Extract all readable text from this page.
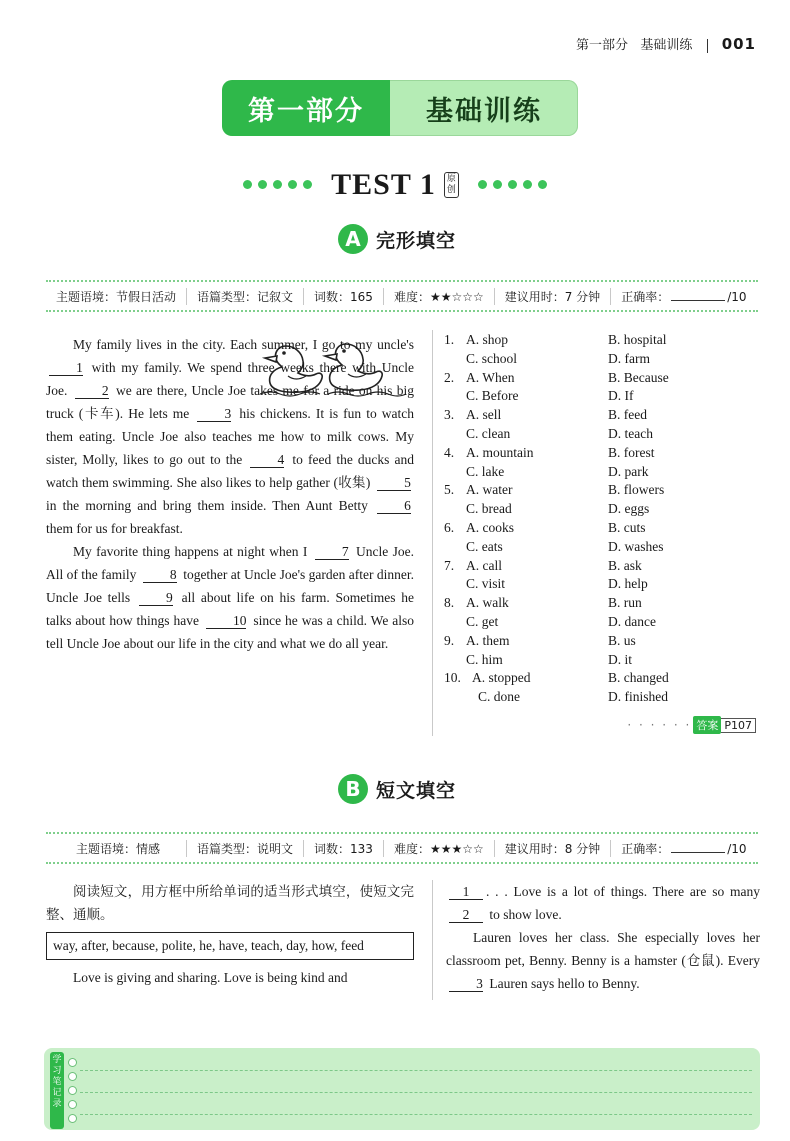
第一部分 基础训练 001
第一部分	基础训练
TEST 1 原创
A 完形填空
主题语境：节假日活动	语篇类型：记叙文	词数：165	难度：★★☆☆☆	建议用时：7 分钟	正确率：	/10

My family lives in the city. Each summer, I go to my uncle's 1 with my family. We spend three weeks there with Uncle Joe. 2 we are there, Uncle Joe takes me for a ride on his big truck (卡车). He lets me 3 his chickens. It is fun to watch them eating. Uncle Joe also teaches me how to milk cows. My sister, Molly, likes to go out to the 4 to feed the ducks and watch them swimming. She also likes to help gather (收集) 5 in the morning and bring them inside. Then Aunt Betty 6 them for us for breakfast.

My favorite thing happens at night when I 7 Uncle Joe. All of the family 8 together at Uncle Joe's garden after dinner. Uncle Joe tells 9 all about life on his farm. Sometimes he talks about how things have 10 since he was a child. We also tell Uncle Joe about our life in the city and what we do all year.

1. A. shop	B. hospital
C. school	D. farm
2. A. When	B. Because
C. Before	D. If
3. A. sell	B. feed
C. clean	D. teach
4. A. mountain	B. forest
C. lake	D. park
5. A. water	B. flowers
C. bread	D. eggs
6. A. cooks	B. cuts
C. eats	D. washes
7. A. call	B. ask
C. visit	D. help
8. A. walk	B. run
C. get	D. dance
9. A. them	B. us
C. him	D. it
10. A. stopped	B. changed
C. done	D. finished
· · · · · · 答案 P107
B 短文填空
主题语境：情感	语篇类型：说明文	词数：133	难度：★★★☆☆	建议用时：8 分钟	正确率：	/10

阅读短文，用方框中所给单词的适当形式填空，使短文完整、通顺。

way, after, because, polite, he, have, teach, day, how, feed

Love is giving and sharing. Love is being kind and

1 . . . Love is a lot of things. There are so many 2 to show love.

Lauren loves her class. She especially loves her classroom pet, Benny. Benny is a hamster (仓鼠). Every 3 Lauren says hello to Benny.

学习笔记录
